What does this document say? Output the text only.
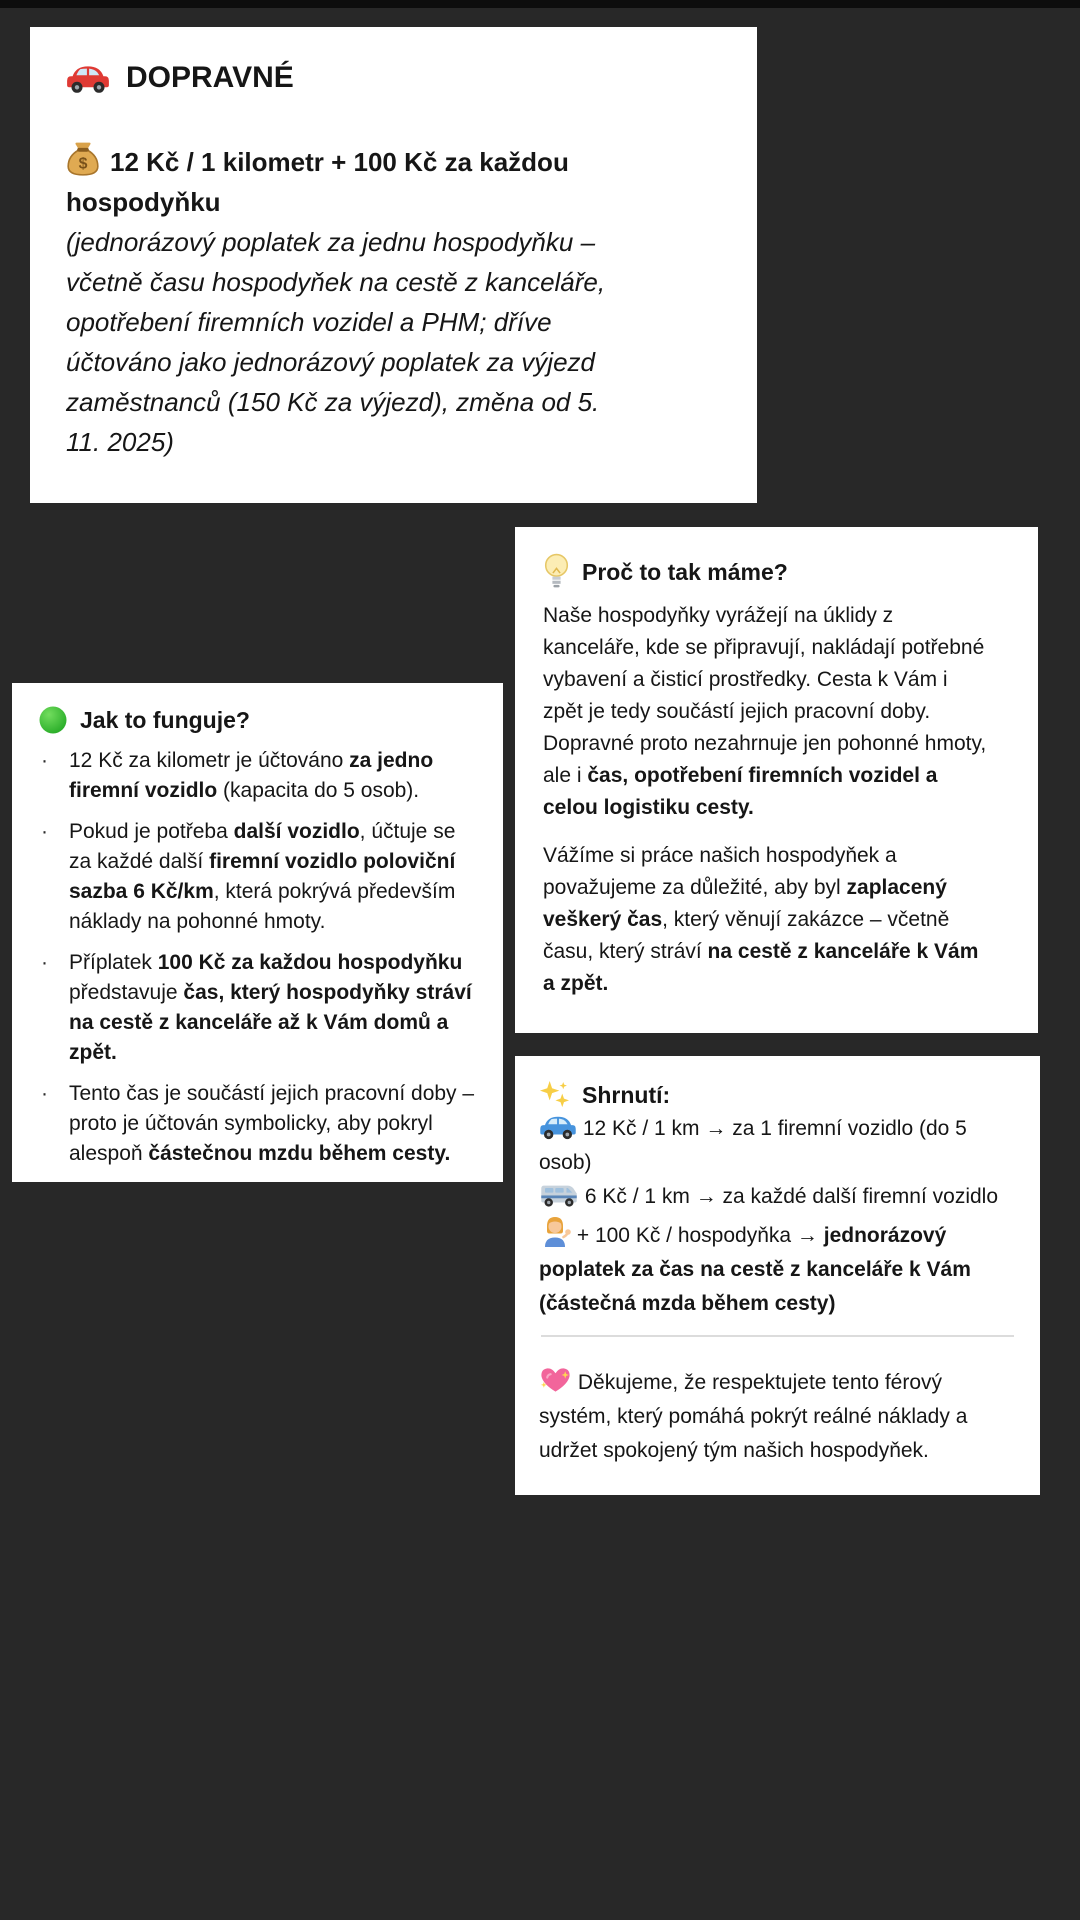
DOPRAVNÉ
$ 12 Kč / 1 kilometr + 100 Kč za každou hospodyňku
(jednorázový poplatek za jednu hospodyňku – včetně času hospodyňek na cestě z kanceláře, opotřebení firemních vozidel a PHM; dříve účtováno jako jednorázový poplatek za výjezd zaměstnanců (150 Kč za výjezd), změna od 5. 11. 2025)
Proč to tak máme?

Naše hospodyňky vyrážejí na úklidy z kanceláře, kde se připravují, nakládají potřebné vybavení a čisticí prostředky. Cesta k Vám i zpět je tedy součástí jejich pracovní doby.

Dopravné proto nezahrnuje jen pohonné hmoty, ale i čas, opotřebení firemních vozidel a celou logistiku cesty.

Vážíme si práce našich hospodyňek a považujeme za důležité, aby byl zaplacený veškerý čas, který věnují zakázce – včetně času, který stráví na cestě z kanceláře k Vám a zpět.

Jak to funguje?
·	12 Kč za kilometr je účtováno za jedno firemní vozidlo (kapacita do 5 osob).
·	Pokud je potřeba další vozidlo, účtuje se za každé další firemní vozidlo poloviční sazba 6 Kč/km, která pokrývá především náklady na pohonné hmoty.
·	Příplatek 100 Kč za každou hospodyňku představuje čas, který hospodyňky stráví na cestě z kanceláře až k Vám domů a zpět.
·	Tento čas je součástí jejich pracovní doby – proto je účtován symbolicky, aby pokryl alespoň částečnou mzdu během cesty.
Shrnutí:

12 Kč / 1 km → za 1 firemní vozidlo (do 5 osob)

6 Kč / 1 km → za každé další firemní vozidlo

+ 100 Kč / hospodyňka → jednorázový poplatek za čas na cestě z kanceláře k Vám (částečná mzda během cesty)

Děkujeme, že respektujete tento férový systém, který pomáhá pokrýt reálné náklady a udržet spokojený tým našich hospodyňek.
